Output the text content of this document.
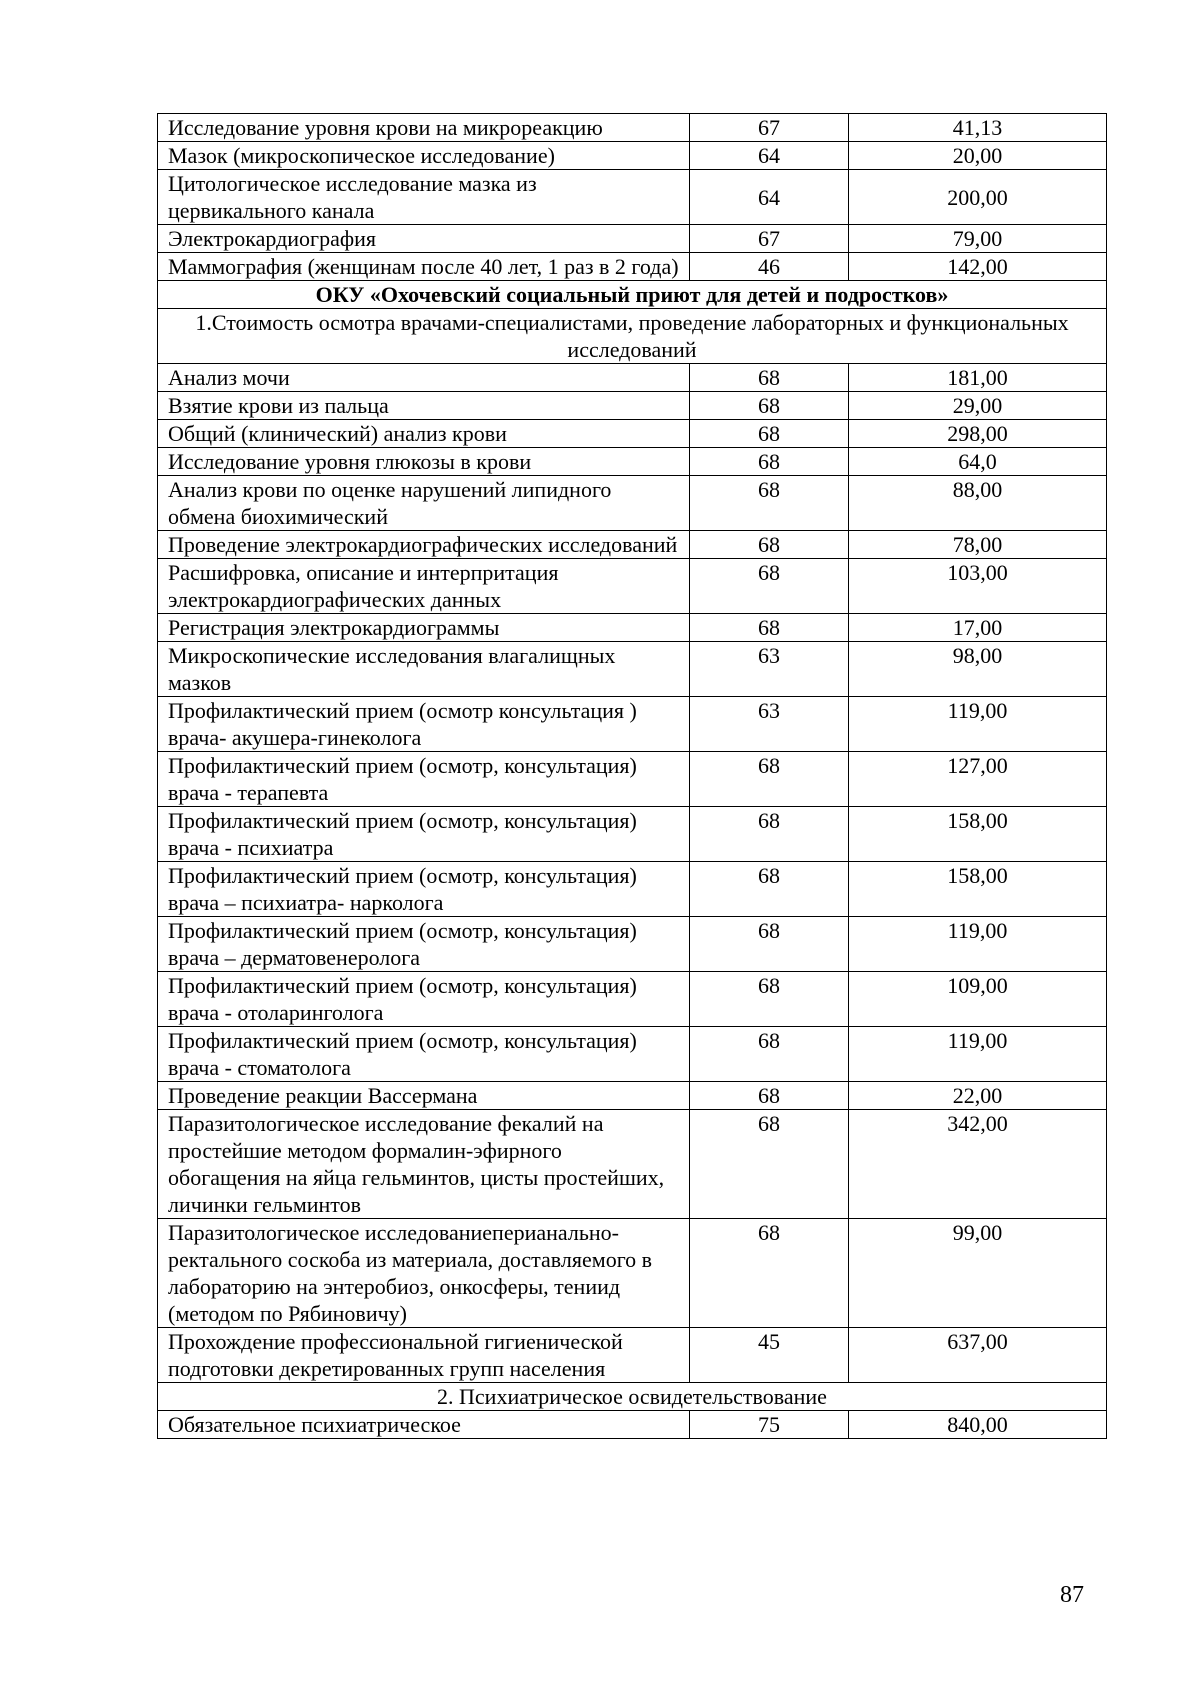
Исследование уровня крови на микрореакцию	67	41,13
Мазок (микроскопическое исследование)	64	20,00
Цитологическое исследование мазка из цервикального канала	64	200,00
Электрокардиография	67	79,00
Маммография (женщинам после 40 лет, 1 раз в 2 года)	46	142,00
ОКУ «Охочевский социальный приют для детей и подростков»		
1.Стоимость осмотра врачами-специалистами, проведение лабораторных и функциональных исследований		
Анализ мочи	68	181,00
Взятие крови из пальца	68	29,00
Общий (клинический) анализ крови	68	298,00
Исследование уровня глюкозы в крови	68	64,0
Анализ крови по оценке нарушений липидного обмена биохимический	68	88,00
Проведение электрокардиографических исследований	68	78,00
Расшифровка, описание и интерпритация электрокардиографических данных	68	103,00
Регистрация электрокардиограммы	68	17,00
Микроскопические исследования влагалищных мазков	63	98,00
Профилактический прием (осмотр консультация ) врача- акушера-гинеколога	63	119,00
Профилактический прием (осмотр, консультация) врача - терапевта	68	127,00
Профилактический прием (осмотр, консультация) врача - психиатра	68	158,00
Профилактический прием (осмотр, консультация) врача – психиатра- нарколога	68	158,00
Профилактический прием (осмотр, консультация) врача – дерматовенеролога	68	119,00
Профилактический прием (осмотр, консультация) врача - отоларинголога	68	109,00
Профилактический прием (осмотр, консультация) врача - стоматолога	68	119,00
Проведение реакции Вассермана	68	22,00
Паразитологическое исследование фекалий на простейшие методом формалин-эфирного обогащения на яйца гельминтов, цисты простейших, личинки гельминтов	68	342,00
Паразитологическое исследованиеперианально-ректального соскоба из материала, доставляемого в лабораторию на энтеробиоз, онкосферы, тениид (методом по Рябиновичу)	68	99,00
Прохождение профессиональной гигиенической подготовки декретированных групп населения	45	637,00
2. Психиатрическое освидетельствование		
Обязательное психиатрическое	75	840,00
87
